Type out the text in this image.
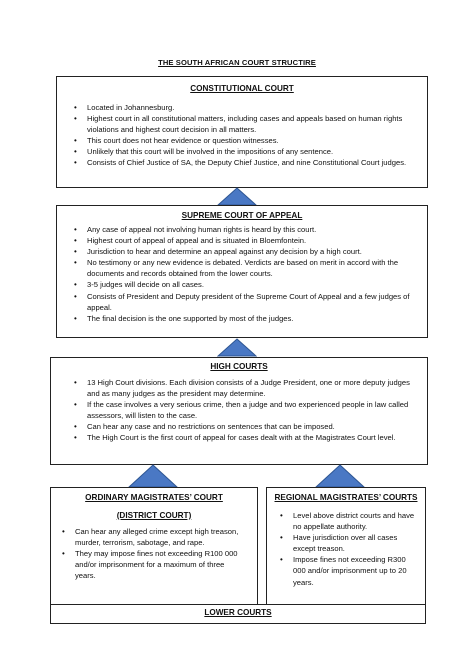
THE SOUTH AFRICAN COURT STRUCTIRE
CONSTITUTIONAL COURT
• Located in Johannesburg.
• Highest court in all constitutional matters, including cases and appeals based on human rights violations and highest court decision in all matters.
• This court does not hear evidence or question witnesses.
• Unlikely that this court will be involved in the impositions of any sentence.
• Consists of Chief Justice of SA, the Deputy Chief Justice, and nine Constitutional Court judges.
SUPREME COURT OF APPEAL
• Any case of appeal not involving human rights is heard by this court.
• Highest court of appeal of appeal and is situated in Bloemfontein.
• Jurisdiction to hear and determine an appeal against any decision by a high court.
• No testimony or any new evidence is debated. Verdicts are based on merit in accord with the documents and records obtained from the lower courts.
• 3-5 judges will decide on all cases.
• Consists of President and Deputy president of the Supreme Court of Appeal and a few judges of appeal.
• The final decision is the one supported by most of the judges.
HIGH COURTS
• 13 High Court divisions. Each division consists of a Judge President, one or more deputy judges and as many judges as the president may determine.
• If the case involves a very serious crime, then a judge and two experienced people in law called assessors, will listen to the case.
• Can hear any case and no restrictions on sentences that can be imposed.
• The High Court is the first court of appeal for cases dealt with at the Magistrates Court level.
ORDINARY MAGISTRATES’ COURT
(DISTRICT COURT)
• Can hear any alleged crime except high treason, murder, terrorism, sabotage, and rape.
• They may impose fines not exceeding R100 000 and/or imprisonment for a maximum of three years.
REGIONAL MAGISTRATES’ COURTS
• Level above district courts and have no appellate authority.
• Have jurisdiction over all cases except treason.
• Impose fines not exceeding R300 000 and/or imprisonment up to 20 years.
LOWER COURTS
